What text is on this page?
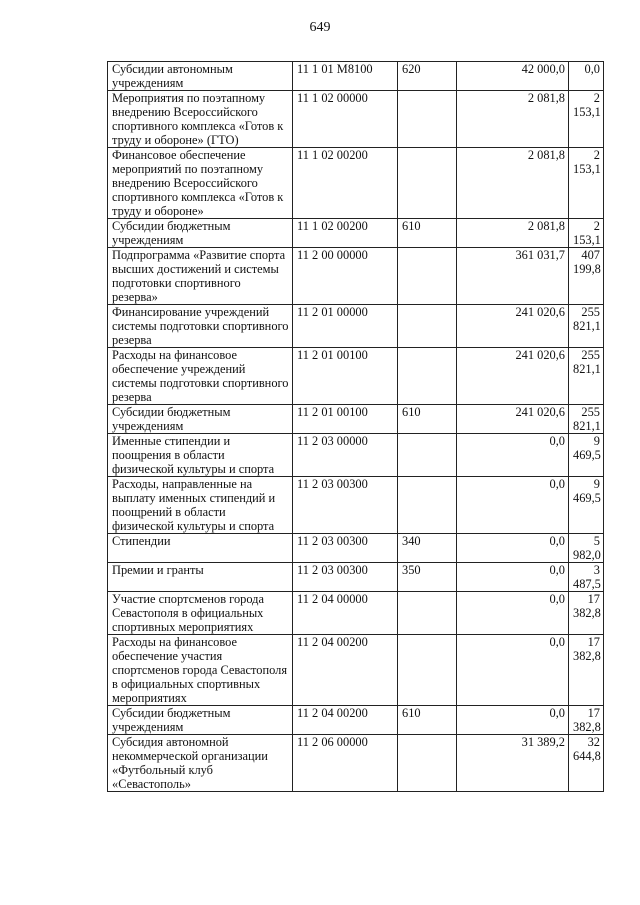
649
Субсидии автономным учреждениям	11 1 01 M8100	620	42 000,0	0,0
Мероприятия по поэтапному внедрению Всероссийского спортивного комплекса «Готов к труду и обороне» (ГТО)	11 1 02 00000		2 081,8	2 153,1
Финансовое обеспечение мероприятий по поэтапному внедрению Всероссийского спортивного комплекса «Готов к труду и обороне»	11 1 02 00200		2 081,8	2 153,1
Субсидии бюджетным учреждениям	11 1 02 00200	610	2 081,8	2 153,1
Подпрограмма «Развитие спорта высших достижений и системы подготовки спортивного резерва»	11 2 00 00000		361 031,7	407 199,8
Финансирование учреждений системы подготовки спортивного резерва	11 2 01 00000		241 020,6	255 821,1
Расходы на финансовое обеспечение учреждений системы подготовки спортивного резерва	11 2 01 00100		241 020,6	255 821,1
Субсидии бюджетным учреждениям	11 2 01 00100	610	241 020,6	255 821,1
Именные стипендии и поощрения в области физической культуры и спорта	11 2 03 00000		0,0	9 469,5
Расходы, направленные на выплату именных стипендий и поощрений в области физической культуры и спорта	11 2 03 00300		0,0	9 469,5
Стипендии	11 2 03 00300	340	0,0	5 982,0
Премии и гранты	11 2 03 00300	350	0,0	3 487,5
Участие спортсменов города Севастополя в официальных спортивных мероприятиях	11 2 04 00000		0,0	17 382,8
Расходы на финансовое обеспечение участия спортсменов города Севастополя в официальных спортивных мероприятиях	11 2 04 00200		0,0	17 382,8
Субсидии бюджетным учреждениям	11 2 04 00200	610	0,0	17 382,8
Субсидия автономной некоммерческой организации «Футбольный клуб «Севастополь»	11 2 06 00000		31 389,2	32 644,8
